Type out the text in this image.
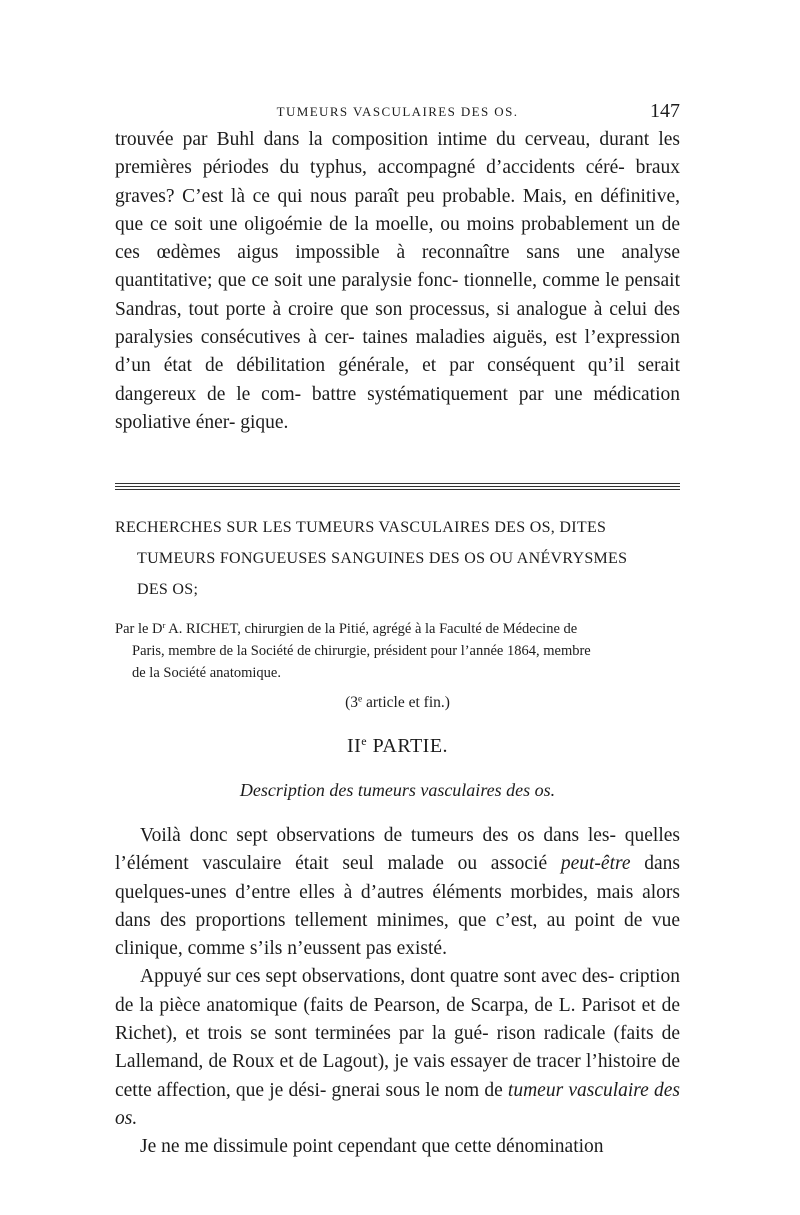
TUMEURS VASCULAIRES DES OS.	147

trouvée par Buhl dans la composition intime du cerveau, durant les premières périodes du typhus, accompagné d’accidents céré- braux graves? C’est là ce qui nous paraît peu probable. Mais, en définitive, que ce soit une oligoémie de la moelle, ou moins probablement un de ces œdèmes aigus impossible à reconnaître sans une analyse quantitative; que ce soit une paralysie fonc- tionnelle, comme le pensait Sandras, tout porte à croire que son processus, si analogue à celui des paralysies consécutives à cer- taines maladies aiguës, est l’expression d’un état de débilitation générale, et par conséquent qu’il serait dangereux de le com- battre systématiquement par une médication spoliative éner- gique.

RECHERCHES SUR LES TUMEURS VASCULAIRES DES OS, DITES
TUMEURS FONGUEUSES SANGUINES DES OS OU ANÉVRYSMES
DES OS;
Par le $D^r$ A. RICHET, chirurgien de la Pitié, agrégé à la Faculté de Médecine de
Paris, membre de la Société de chirurgie, président pour l’année 1864, membre
de la Société anatomique.
(3e article et fin.)
IIe PARTIE.
Description des tumeurs vasculaires des os.

Voilà donc sept observations de tumeurs des os dans les- quelles l’élément vasculaire était seul malade ou associé peut-être dans quelques-unes d’entre elles à d’autres éléments morbides, mais alors dans des proportions tellement minimes, que c’est, au point de vue clinique, comme s’ils n’eussent pas existé.

Appuyé sur ces sept observations, dont quatre sont avec des- cription de la pièce anatomique (faits de Pearson, de Scarpa, de L. Parisot et de Richet), et trois se sont terminées par la gué- rison radicale (faits de Lallemand, de Roux et de Lagout), je vais essayer de tracer l’histoire de cette affection, que je dési- gnerai sous le nom de tumeur vasculaire des os.

Je ne me dissimule point cependant que cette dénomination
